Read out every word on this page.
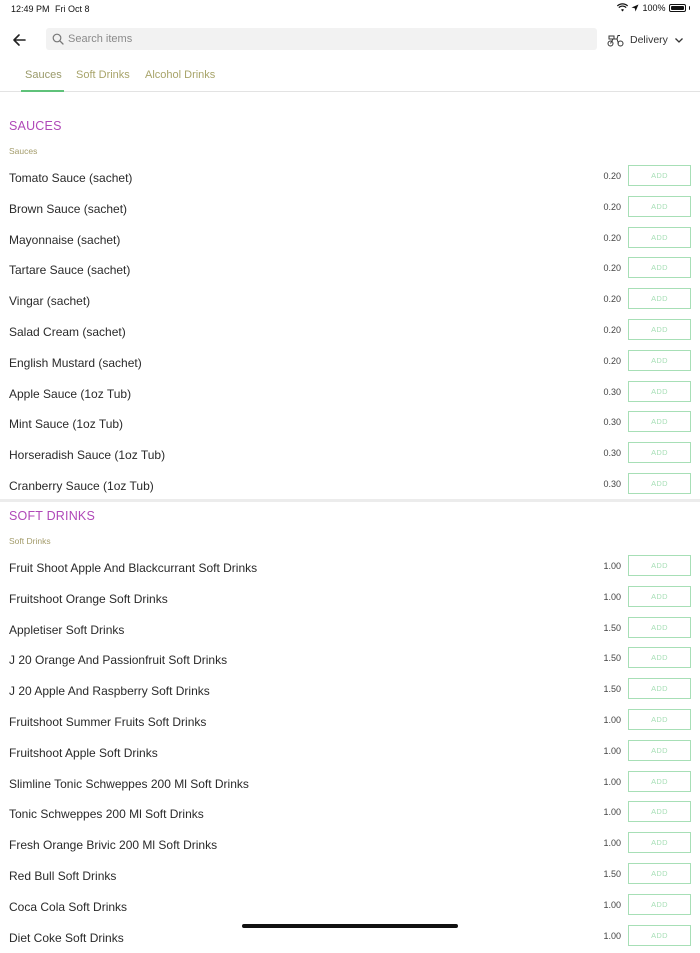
12:49 PM Fri Oct 8	100%
Search items
Delivery
Sauces Soft Drinks Alcohol Drinks
SAUCES
Sauces
Tomato Sauce (sachet)	0.20	ADD
Brown Sauce (sachet)	0.20	ADD
Mayonnaise (sachet)	0.20	ADD
Tartare Sauce (sachet)	0.20	ADD
Vingar (sachet)	0.20	ADD
Salad Cream (sachet)	0.20	ADD
English Mustard (sachet)	0.20	ADD
Apple Sauce (1oz Tub)	0.30	ADD
Mint Sauce (1oz Tub)	0.30	ADD
Horseradish Sauce (1oz Tub)	0.30	ADD
Cranberry Sauce (1oz Tub)	0.30	ADD
SOFT DRINKS
Soft Drinks
Fruit Shoot Apple And Blackcurrant Soft Drinks	1.00	ADD
Fruitshoot Orange Soft Drinks	1.00	ADD
Appletiser Soft Drinks	1.50	ADD
J 20 Orange And Passionfruit Soft Drinks	1.50	ADD
J 20 Apple And Raspberry Soft Drinks	1.50	ADD
Fruitshoot Summer Fruits Soft Drinks	1.00	ADD
Fruitshoot Apple Soft Drinks	1.00	ADD
Slimline Tonic Schweppes 200 Ml Soft Drinks	1.00	ADD
Tonic Schweppes 200 Ml Soft Drinks	1.00	ADD
Fresh Orange Brivic 200 Ml Soft Drinks	1.00	ADD
Red Bull Soft Drinks	1.50	ADD
Coca Cola Soft Drinks	1.00	ADD
Diet Coke Soft Drinks	1.00	ADD
